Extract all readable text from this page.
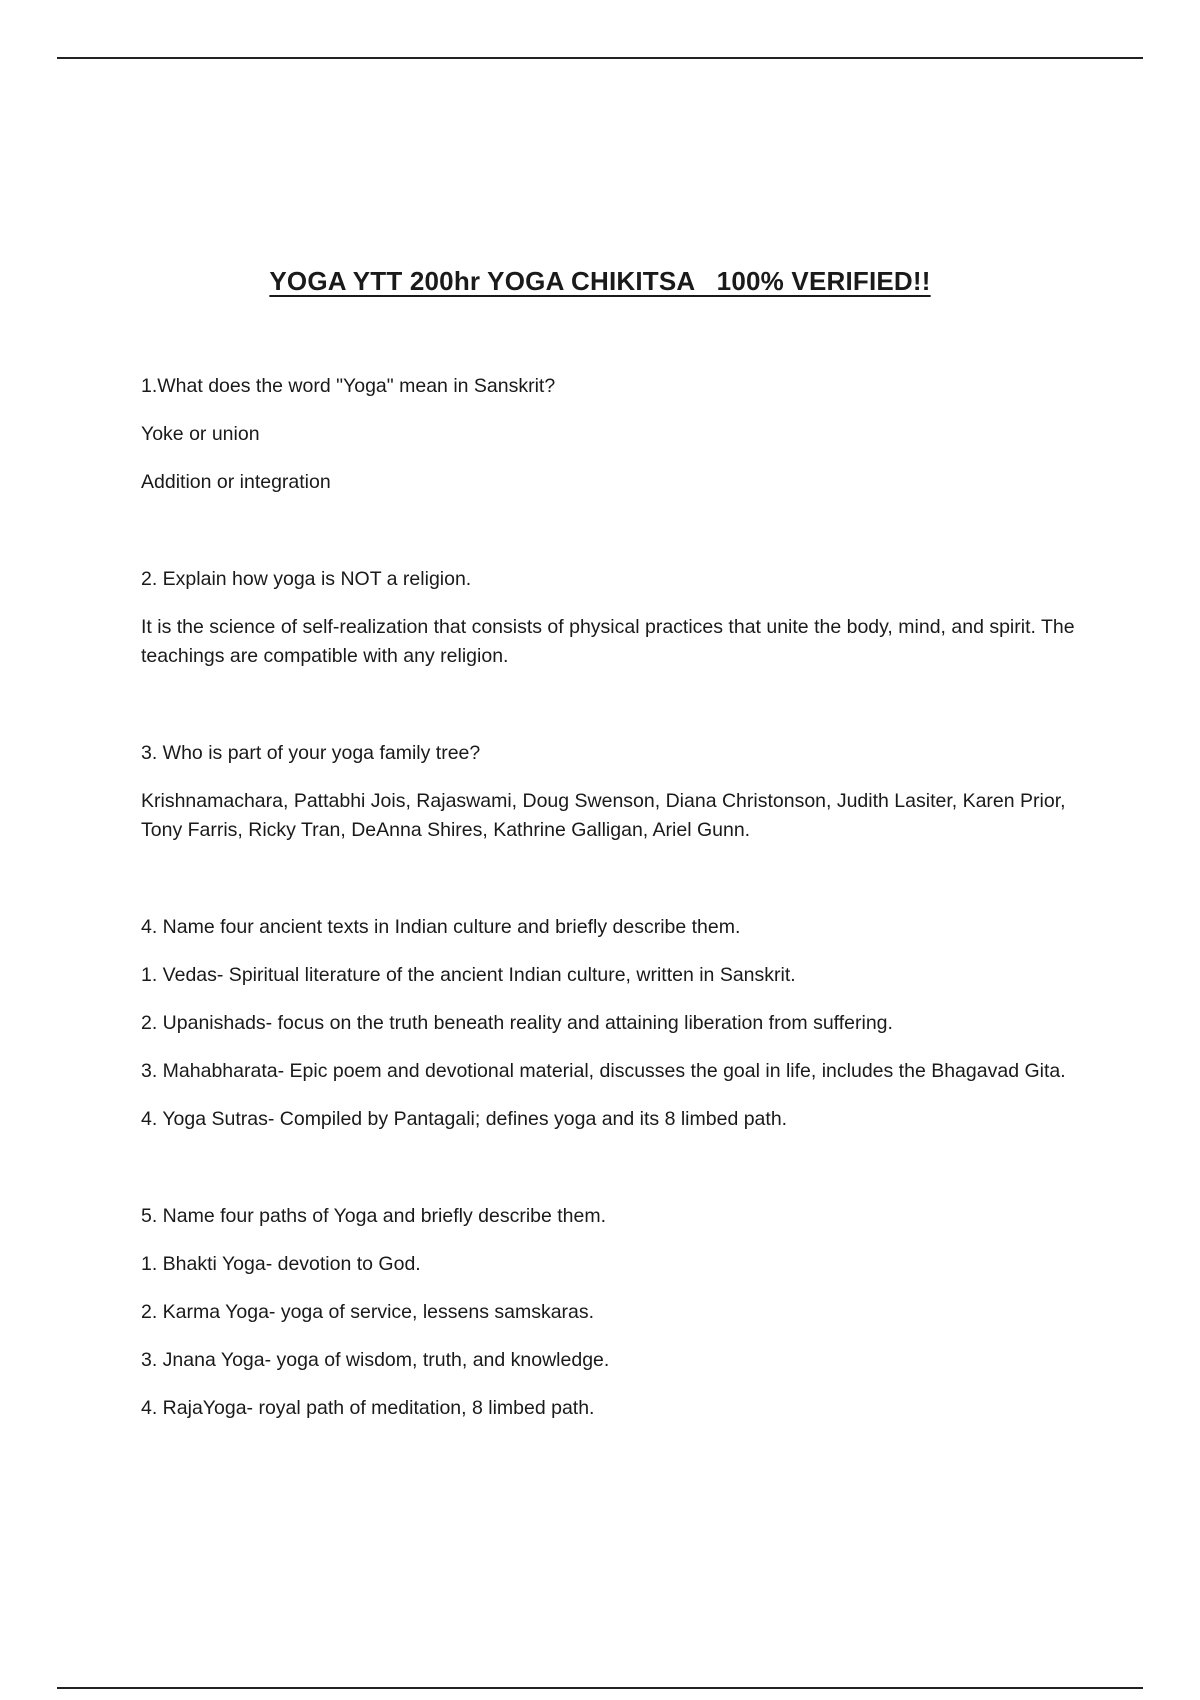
YOGA YTT 200hr YOGA CHIKITSA   100% VERIFIED!!

1.What does the word "Yoga" mean in Sanskrit?

Yoke or union

Addition or integration

2. Explain how yoga is NOT a religion.

It is the science of self-realization that consists of physical practices that unite the body, mind, and spirit. The teachings are compatible with any religion.

3. Who is part of your yoga family tree?

Krishnamachara, Pattabhi Jois, Rajaswami, Doug Swenson, Diana Christonson, Judith Lasiter, Karen Prior, Tony Farris, Ricky Tran, DeAnna Shires, Kathrine Galligan, Ariel Gunn.

4. Name four ancient texts in Indian culture and briefly describe them.

1. Vedas- Spiritual literature of the ancient Indian culture, written in Sanskrit.

2. Upanishads- focus on the truth beneath reality and attaining liberation from suffering.

3. Mahabharata- Epic poem and devotional material, discusses the goal in life, includes the Bhagavad Gita.

4. Yoga Sutras- Compiled by Pantagali; defines yoga and its 8 limbed path.

5. Name four paths of Yoga and briefly describe them.

1. Bhakti Yoga- devotion to God.

2. Karma Yoga- yoga of service, lessens samskaras.

3. Jnana Yoga- yoga of wisdom, truth, and knowledge.

4. RajaYoga- royal path of meditation, 8 limbed path.
